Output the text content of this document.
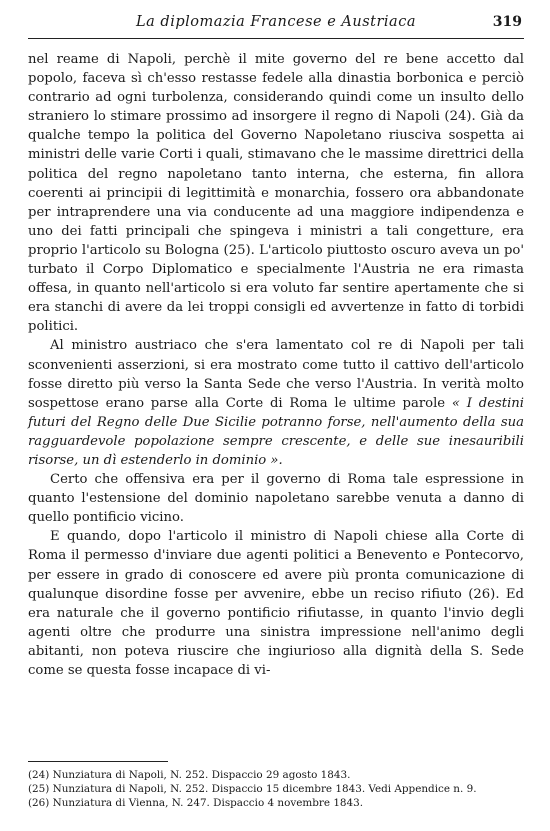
La diplomazia Francese e Austriaca	319

nel reame di Napoli, perchè il mite governo del re bene accetto dal popolo, faceva sì ch'esso restasse fedele alla dinastia borbonica e perciò contrario ad ogni turbolenza, considerando quindi come un insulto dello straniero lo stimare prossimo ad insorgere il regno di Napoli (24). Già da qualche tempo la politica del Governo Napoletano riusciva sospetta ai ministri delle varie Corti i quali, stimavano che le massime direttrici della politica del regno napoletano tanto interna, che esterna, fin allora coerenti ai principii di legittimità e monarchia, fossero ora abbandonate per intraprendere una via conducente ad una maggiore indipendenza e uno dei fatti principali che spingeva i ministri a tali congetture, era proprio l'articolo su Bologna (25). L'articolo piuttosto oscuro aveva un po' turbato il Corpo Diplomatico e specialmente l'Austria ne era rimasta offesa, in quanto nell'articolo si era voluto far sentire apertamente che si era stanchi di avere da lei troppi consigli ed avvertenze in fatto di torbidi politici.

Al ministro austriaco che s'era lamentato col re di Napoli per tali sconvenienti asserzioni, si era mostrato come tutto il cattivo dell'articolo fosse diretto più verso la Santa Sede che verso l'Austria. In verità molto sospettose erano parse alla Corte di Roma le ultime parole « I destini futuri del Regno delle Due Sicilie potranno forse, nell'aumento della sua ragguardevole popolazione sempre crescente, e delle sue inesauribili risorse, un dì estenderlo in dominio ».

Certo che offensiva era per il governo di Roma tale espressione in quanto l'estensione del dominio napoletano sarebbe venuta a danno di quello pontificio vicino.

E quando, dopo l'articolo il ministro di Napoli chiese alla Corte di Roma il permesso d'inviare due agenti politici a Benevento e Pontecorvo, per essere in grado di conoscere ed avere più pronta comunicazione di qualunque disordine fosse per avvenire, ebbe un reciso rifiuto (26). Ed era naturale che il governo pontificio rifiutasse, in quanto l'invio degli agenti oltre che produrre una sinistra impressione nell'animo degli abitanti, non poteva riuscire che ingiurioso alla dignità della S. Sede come se questa fosse incapace di vi-

(24) Nunziatura di Napoli, N. 252. Dispaccio 29 agosto 1843.

(25) Nunziatura di Napoli, N. 252. Dispaccio 15 dicembre 1843. Vedi Appendice n. 9.

(26) Nunziatura di Vienna, N. 247. Dispaccio 4 novembre 1843.
